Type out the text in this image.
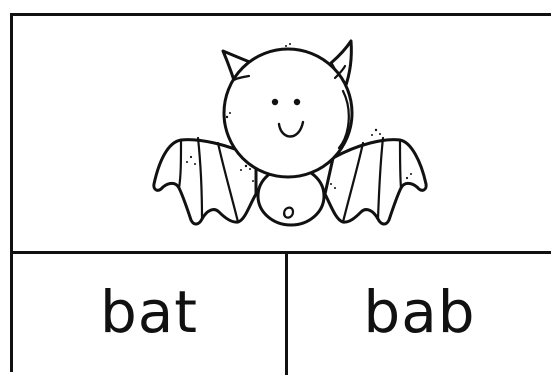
bat	bab
